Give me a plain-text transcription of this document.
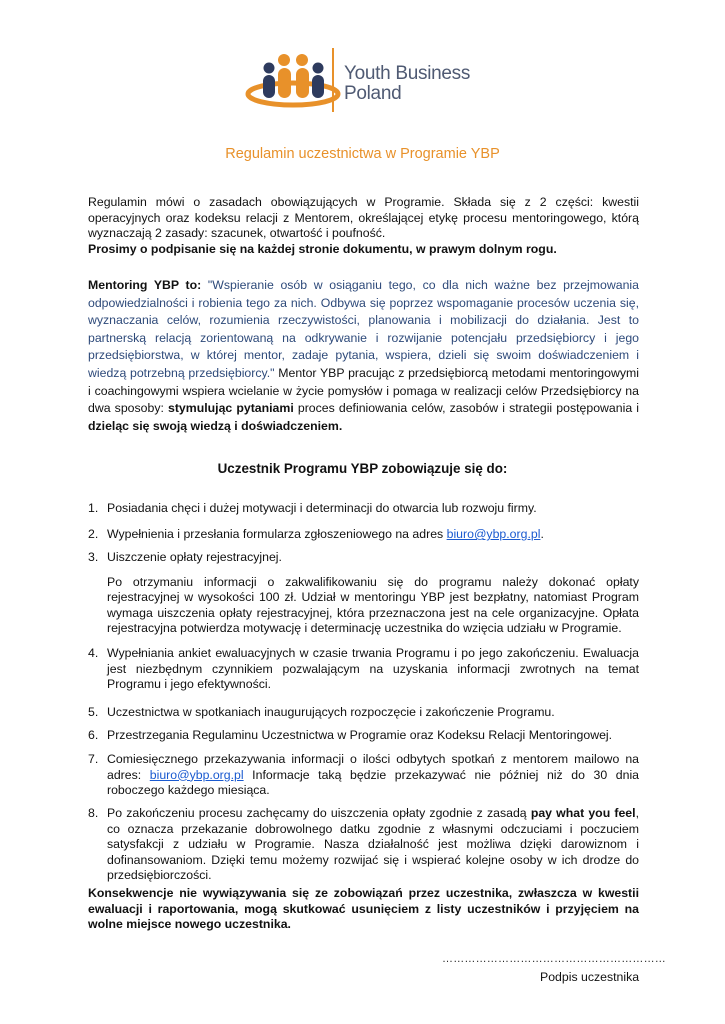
Youth Business
Poland
Regulamin uczestnictwa w Programie YBP
Regulamin mówi o zasadach obowiązujących w Programie. Składa się z 2 części: kwestii operacyjnych oraz kodeksu relacji z Mentorem, określającej etykę procesu mentoringowego, którą wyznaczają 2 zasady: szacunek, otwartość i poufność.
Prosimy o podpisanie się na każdej stronie dokumentu, w prawym dolnym rogu.
Mentoring YBP to: "Wspieranie osób w osiąganiu tego, co dla nich ważne bez przejmowania odpowiedzialności i robienia tego za nich. Odbywa się poprzez wspomaganie procesów uczenia się, wyznaczania celów, rozumienia rzeczywistości, planowania i mobilizacji do działania. Jest to partnerską relacją zorientowaną na odkrywanie i rozwijanie potencjału przedsiębiorcy i jego przedsiębiorstwa, w której mentor, zadaje pytania, wspiera, dzieli się swoim doświadczeniem i wiedzą potrzebną przedsiębiorcy." Mentor YBP pracując z przedsiębiorcą metodami mentoringowymi i coachingowymi wspiera wcielanie w życie pomysłów i pomaga w realizacji celów Przedsiębiorcy na dwa sposoby: stymulując pytaniami proces definiowania celów, zasobów i strategii postępowania i dzieląc się swoją wiedzą i doświadczeniem.
Uczestnik Programu YBP zobowiązuje się do:
1. Posiadania chęci i dużej motywacji i determinacji do otwarcia lub rozwoju firmy.
2. Wypełnienia i przesłania formularza zgłoszeniowego na adres biuro@ybp.org.pl.
3. Uiszczenie opłaty rejestracyjnej.
Po otrzymaniu informacji o zakwalifikowaniu się do programu należy dokonać opłaty rejestracyjnej w wysokości 100 zł. Udział w mentoringu YBP jest bezpłatny, natomiast Program wymaga uiszczenia opłaty rejestracyjnej, która przeznaczona jest na cele organizacyjne. Opłata rejestracyjna potwierdza motywację i determinację uczestnika do wzięcia udziału w Programie.
4. Wypełniania ankiet ewaluacyjnych w czasie trwania Programu i po jego zakończeniu. Ewaluacja jest niezbędnym czynnikiem pozwalającym na uzyskania informacji zwrotnych na temat Programu i jego efektywności.
5. Uczestnictwa w spotkaniach inaugurujących rozpoczęcie i zakończenie Programu.
6. Przestrzegania Regulaminu Uczestnictwa w Programie oraz Kodeksu Relacji Mentoringowej.
7. Comiesięcznego przekazywania informacji o ilości odbytych spotkań z mentorem mailowo na adres: biuro@ybp.org.pl Informacje taką będzie przekazywać nie później niż do 30 dnia roboczego każdego miesiąca.
8. Po zakończeniu procesu zachęcamy do uiszczenia opłaty zgodnie z zasadą pay what you feel, co oznacza przekazanie dobrowolnego datku zgodnie z własnymi odczuciami i poczuciem satysfakcji z udziału w Programie. Nasza działalność jest możliwa dzięki darowiznom i dofinansowaniom. Dzięki temu możemy rozwijać się i wspierać kolejne osoby w ich drodze do przedsiębiorczości.
Konsekwencje nie wywiązywania się ze zobowiązań przez uczestnika, zwłaszcza w kwestii ewaluacji i raportowania, mogą skutkować usunięciem z listy uczestników i przyjęciem na wolne miejsce nowego uczestnika.
……………………………………………………
Podpis uczestnika
